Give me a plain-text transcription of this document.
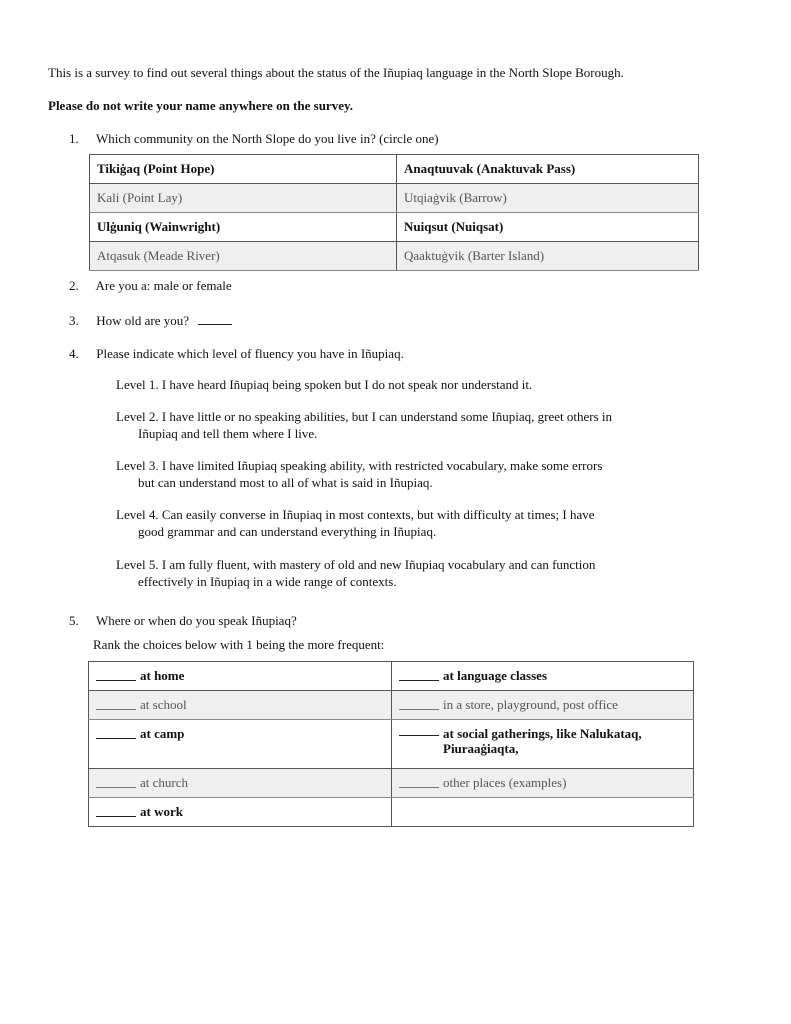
This is a survey to find out several things about the status of the Iñupiaq language in the North Slope Borough.
Please do not write your name anywhere on the survey.
1. Which community on the North Slope do you live in? (circle one)
Tikiġaq (Point Hope)	Anaqtuuvak (Anaktuvak Pass)
Kali (Point Lay)	Utqiaġvik (Barrow)
Ulġuniq (Wainwright)	Nuiqsut (Nuiqsat)
Atqasuk (Meade River)	Qaaktuġvik (Barter Island)
2. Are you a: male or female
3. How old are you?
4. Please indicate which level of fluency you have in Iñupiaq.
Level 1. I have heard Iñupiaq being spoken but I do not speak nor understand it.
Level 2. I have little or no speaking abilities, but I can understand some Iñupiaq, greet others in
Iñupiaq and tell them where I live.
Level 3. I have limited Iñupiaq speaking ability, with restricted vocabulary, make some errors
but can understand most to all of what is said in Iñupiaq.
Level 4. Can easily converse in Iñupiaq in most contexts, but with difficulty at times; I have
good grammar and can understand everything in Iñupiaq.
Level 5. I am fully fluent, with mastery of old and new Iñupiaq vocabulary and can function
effectively in Iñupiaq in a wide range of contexts.
5. Where or when do you speak Iñupiaq?
Rank the choices below with 1 being the more frequent:
at home	at language classes
at school	in a store, playground, post office
at camp	at social gatherings, like Nalukataq, Piuraaġiaqta,

at church	other places (examples)
at work	
